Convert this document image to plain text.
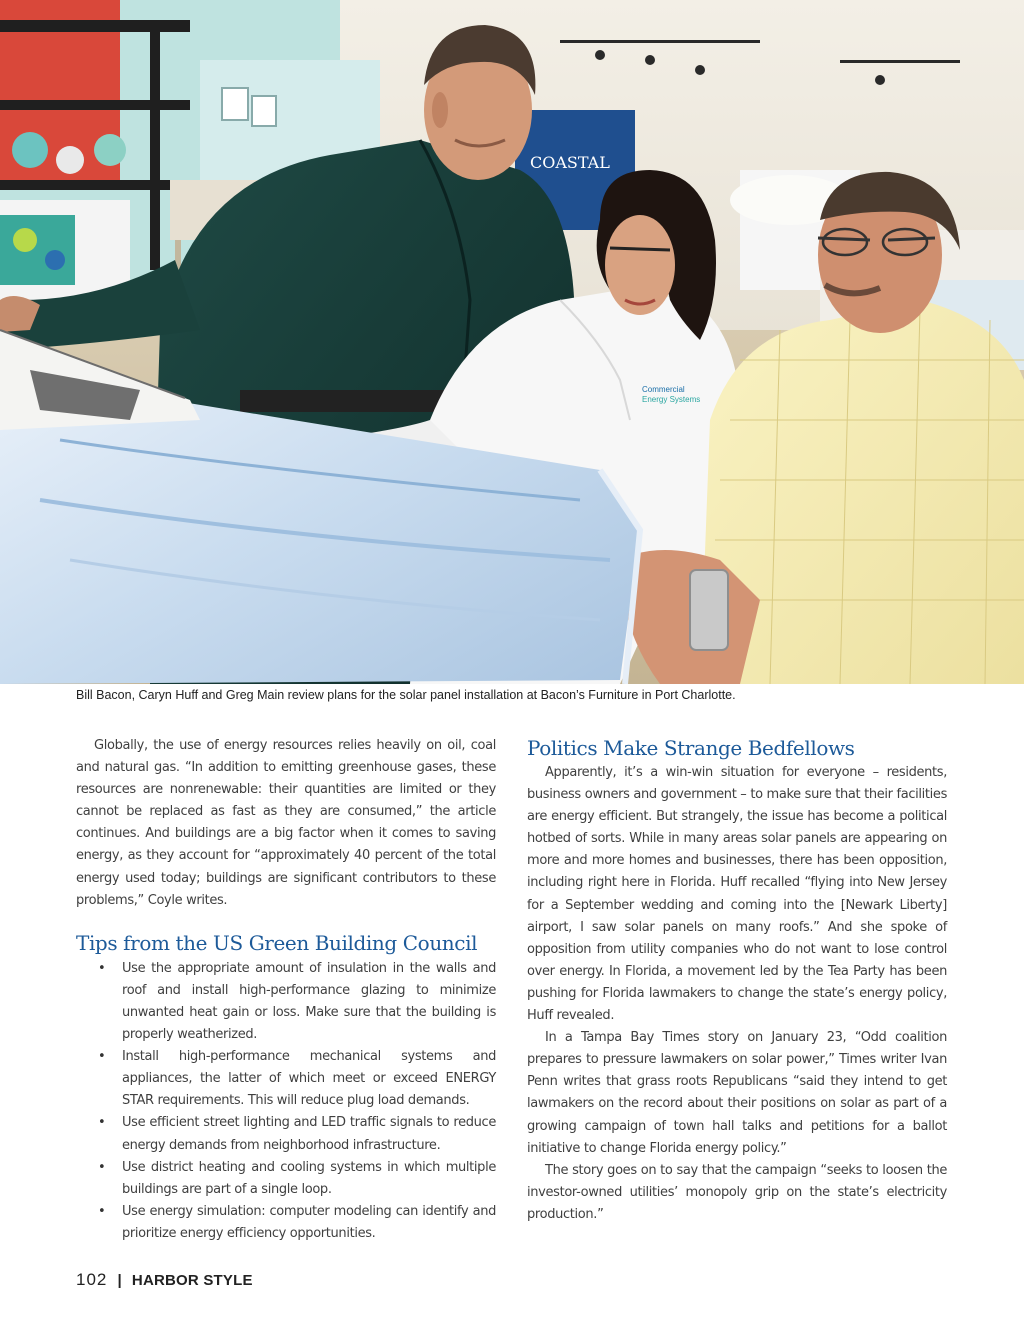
COASTAL
Commercial
Energy Systems
Bill Bacon, Caryn Huff and Greg Main review plans for the solar panel installation at Bacon’s Furniture in Port Charlotte.

Globally, the use of energy resources relies heavily on oil, coal and natural gas. “In addition to emitting greenhouse gases, these resources are nonrenewable: their quantities are limited or they cannot be replaced as fast as they are consumed,” the article continues. And buildings are a big factor when it comes to saving energy, as they account for “approximately 40 percent of the total energy used today; buildings are significant contributors to these problems,” Coyle writes.

Tips from the US Green Building Council
• Use the appropriate amount of insulation in the walls and roof and install high-performance glazing to minimize unwanted heat gain or loss. Make sure that the building is properly weatherized.
• Install high-performance mechanical systems and appliances, the latter of which meet or exceed ENERGY STAR requirements. This will reduce plug load demands.
• Use efficient street lighting and LED traffic signals to reduce energy demands from neighborhood infrastructure.
• Use district heating and cooling systems in which multiple buildings are part of a single loop.
• Use energy simulation: computer modeling can identify and prioritize energy efficiency opportunities.
Politics Make Strange Bedfellows

Apparently, it’s a win-win situation for everyone – residents, business owners and government – to make sure that their facilities are energy efficient. But strangely, the issue has become a political hotbed of sorts. While in many areas solar panels are appearing on more and more homes and businesses, there has been opposition, including right here in Florida. Huff recalled “flying into New Jersey for a September wedding and coming into the [Newark Liberty] airport, I saw solar panels on many roofs.” And she spoke of opposition from utility companies who do not want to lose control over energy. In Florida, a movement led by the Tea Party has been pushing for Florida lawmakers to change the state’s energy policy, Huff revealed.

In a Tampa Bay Times story on January 23, “Odd coalition prepares to pressure lawmakers on solar power,” Times writer Ivan Penn writes that grass roots Republicans “said they intend to get lawmakers on the record about their positions on solar as part of a growing campaign of town hall talks and petitions for a ballot initiative to change Florida energy policy.”

The story goes on to say that the campaign “seeks to loosen the investor-owned utilities’ monopoly grip on the state’s electricity production.”

102 | HARBOR STYLE
